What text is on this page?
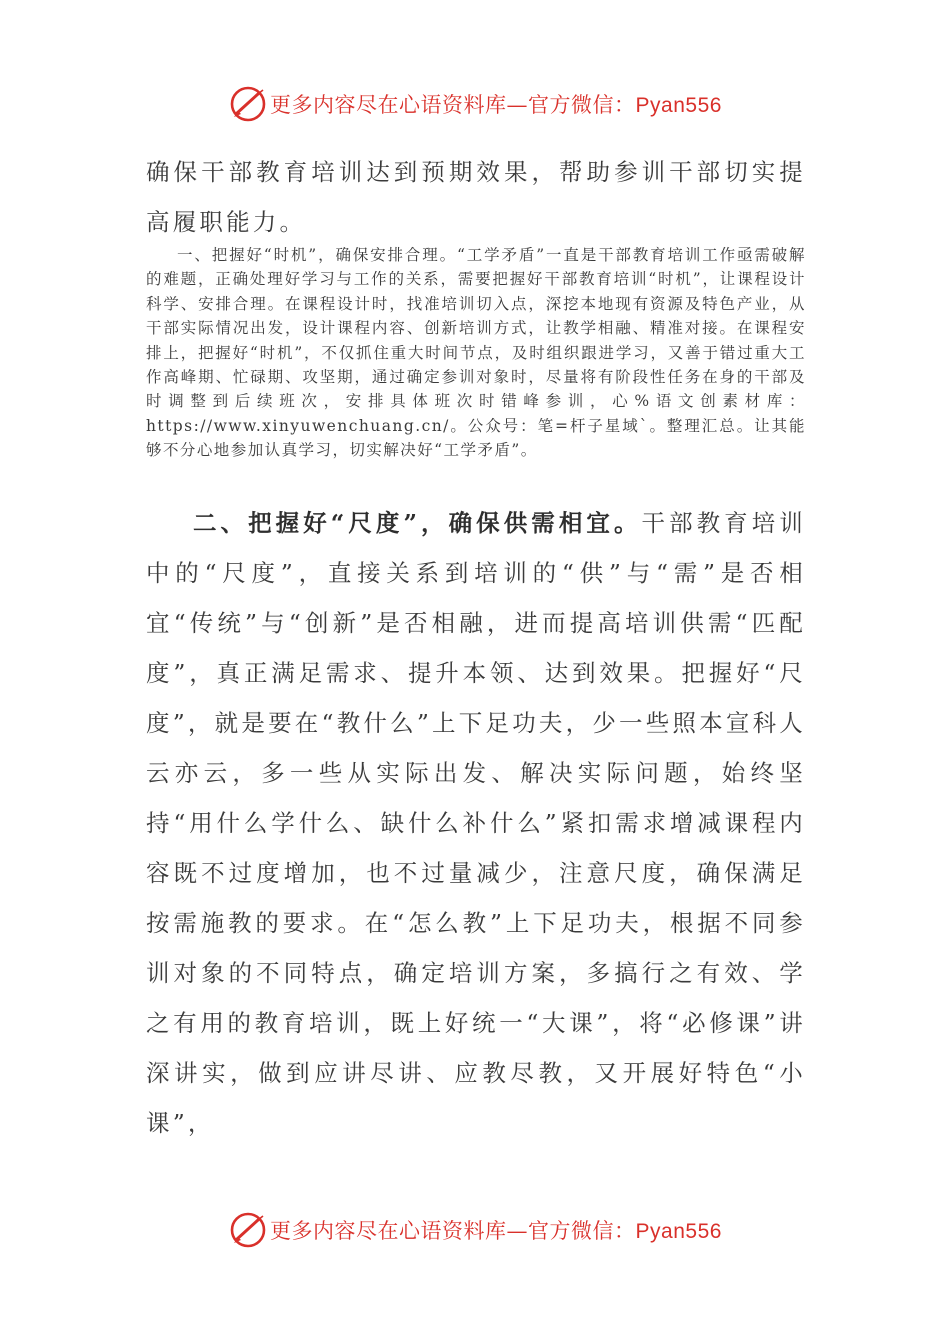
更多内容尽在心语资料库—官方微信：Pyan556

确保干部教育培训达到预期效果，帮助参训干部切实提高履职能力。

一、把握好“时机”，确保安排合理。“工学矛盾”一直是干部教育培训工作亟需破解的难题，正确处理好学习与工作的关系，需要把握好干部教育培训“时机”，让课程设计科学、安排合理。在课程设计时，找准培训切入点，深挖本地现有资源及特色产业，从干部实际情况出发，设计课程内容、创新培训方式，让教学相融、精准对接。在课程安排上，把握好“时机”，不仅抓住重大时间节点，及时组织跟进学习，又善于错过重大工作高峰期、忙碌期、攻坚期，通过确定参训对象时，尽量将有阶段性任务在身的干部及时调整到后续班次，安排具体班次时错峰参训，心%语文创素材库：https://www.xinyuwenchuang.cn/。公众号：笔=杆子星域`。整理汇总。让其能够不分心地参加认真学习，切实解决好“工学矛盾”。

二、把握好“尺度”，确保供需相宜。干部教育培训中的“尺度”，直接关系到培训的“供”与“需”是否相宜“传统”与“创新”是否相融，进而提高培训供需“匹配度”，真正满足需求、提升本领、达到效果。把握好“尺度”，就是要在“教什么”上下足功夫，少一些照本宣科人云亦云，多一些从实际出发、解决实际问题，始终坚持“用什么学什么、缺什么补什么”紧扣需求增减课程内容既不过度增加，也不过量减少，注意尺度，确保满足按需施教的要求。在“怎么教”上下足功夫，根据不同参训对象的不同特点，确定培训方案，多搞行之有效、学之有用的教育培训，既上好统一“大课”，将“必修课”讲深讲实，做到应讲尽讲、应教尽教，又开展好特色“小课”，

更多内容尽在心语资料库—官方微信：Pyan556
